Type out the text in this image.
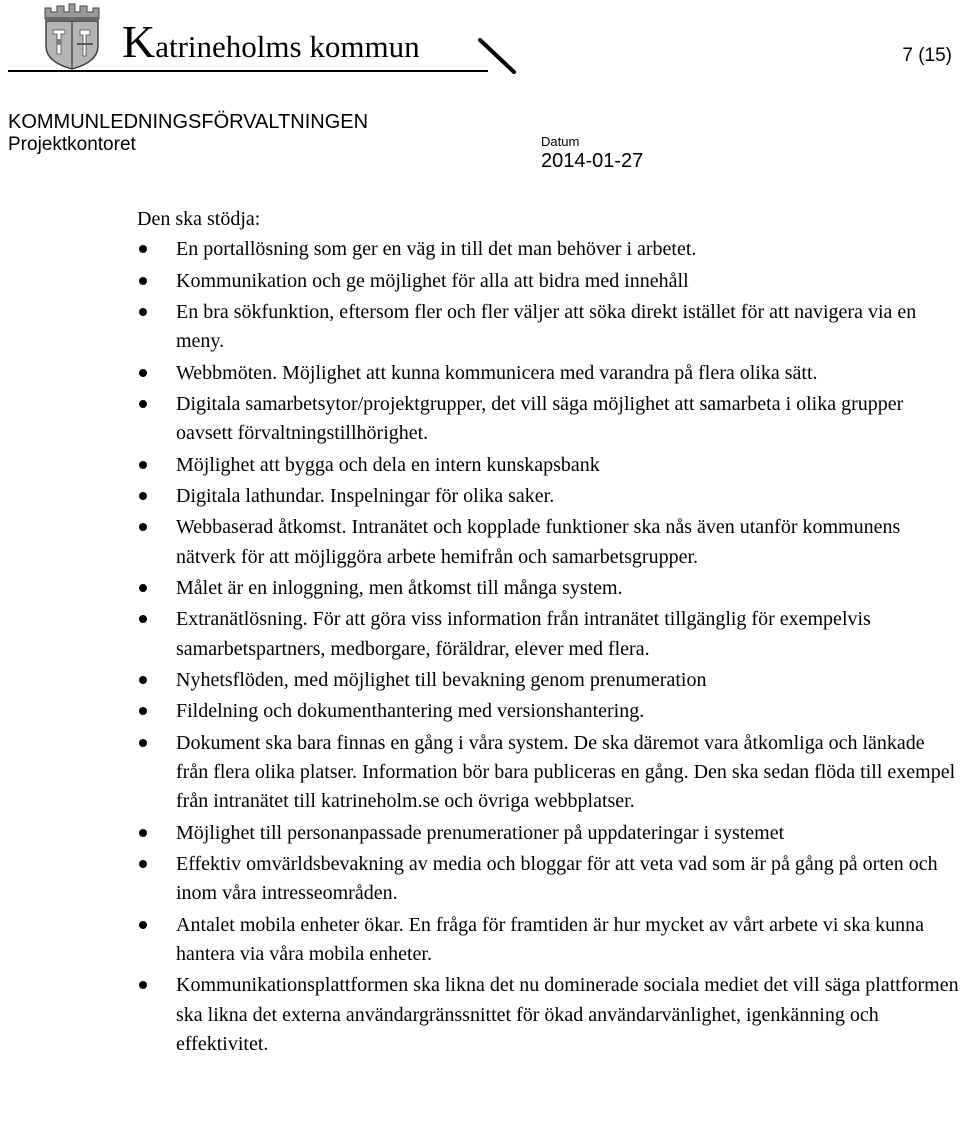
Katrineholms kommun	7 (15)
KOMMUNLEDNINGSFÖRVALTNINGEN
Projektkontoret	Datum
2014-01-27

Den ska stödja:

En portallösning som ger en väg in till det man behöver i arbetet.
Kommunikation och ge möjlighet för alla att bidra med innehåll
En bra sökfunktion, eftersom fler och fler väljer att söka direkt istället för att navigera via en meny.
Webbmöten. Möjlighet att kunna kommunicera med varandra på flera olika sätt.
Digitala samarbetsytor/projektgrupper, det vill säga möjlighet att samarbeta i olika grupper oavsett förvaltningstillhörighet.
Möjlighet att bygga och dela en intern kunskapsbank
Digitala lathundar. Inspelningar för olika saker.
Webbaserad åtkomst. Intranätet och kopplade funktioner ska nås även utanför kommunens nätverk för att möjliggöra arbete hemifrån och samarbetsgrupper.
Målet är en inloggning, men åtkomst till många system.
Extranätlösning. För att göra viss information från intranätet tillgänglig för exempelvis samarbetspartners, medborgare, föräldrar, elever med flera.
Nyhetsflöden, med möjlighet till bevakning genom prenumeration
Fildelning och dokumenthantering med versionshantering.
Dokument ska bara finnas en gång i våra system. De ska däremot vara åtkomliga och länkade från flera olika platser. Information bör bara publiceras en gång. Den ska sedan flöda till exempel från intranätet till katrineholm.se och övriga webbplatser.
Möjlighet till personanpassade prenumerationer på uppdateringar i systemet
Effektiv omvärldsbevakning av media och bloggar för att veta vad som är på gång på orten och inom våra intresseområden.
Antalet mobila enheter ökar. En fråga för framtiden är hur mycket av vårt arbete vi ska kunna hantera via våra mobila enheter.
Kommunikationsplattformen ska likna det nu dominerade sociala mediet det vill säga plattformen ska likna det externa användargränssnittet för ökad användarvänlighet, igenkänning och effektivitet.
